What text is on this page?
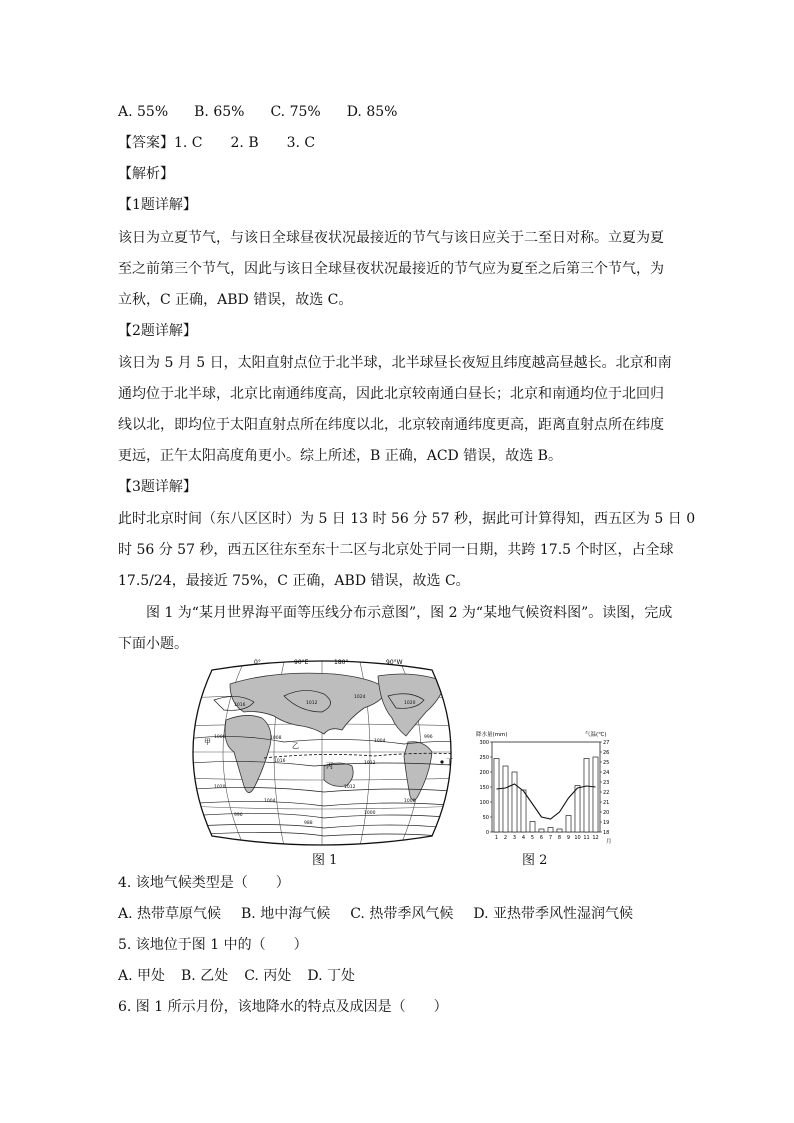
A. 55% B. 65% C. 75% D. 85%
【答案】1. C　　2. B　　3. C
【解析】
【1题详解】
该日为立夏节气，与该日全球昼夜状况最接近的节气与该日应关于二至日对称。立夏为夏
至之前第三个节气，因此与该日全球昼夜状况最接近的节气应为夏至之后第三个节气，为
立秋，C 正确，ABD 错误，故选 C。
【2题详解】
该日为 5 月 5 日，太阳直射点位于北半球，北半球昼长夜短且纬度越高昼越长。北京和南
通均位于北半球，北京比南通纬度高，因此北京较南通白昼长；北京和南通均位于北回归
线以北，即均位于太阳直射点所在纬度以北，北京较南通纬度更高，距离直射点所在纬度
更远，正午太阳高度角更小。综上所述，B 正确，ACD 错误，故选 B。
【3题详解】
此时北京时间（东八区区时）为 5 日 13 时 56 分 57 秒，据此可计算得知，西五区为 5 日 0
时 56 分 57 秒，西五区往东至东十二区与北京处于同一日期，共跨 17.5 个时区，占全球
17.5/24，最接近 75%，C 正确，ABD 错误，故选 C。
图 1 为“某月世界海平面等压线分布示意图”，图 2 为“某地气候资料图”。读图，完成
下面小题。
0°	90°E	180°	90°W
甲	乙
丙	丁
1008
1012
1016	1020
1024
1004
1000	996
1012
1016
1020	1012
1008
1004
1000
996
988
图 1
降水量(mm)	气温(℃)
月
300
250
200
150
100
50
0
27
26
25
24
23
22
21
20
19
18
1 2 3 4 5 6 7 8 9 10 11 12
图 2
4. 该地气候类型是（　　）
A. 热带草原气候 B. 地中海气候 C. 热带季风气候 D. 亚热带季风性湿润气候
5. 该地位于图 1 中的（　　）
A. 甲处 B. 乙处 C. 丙处 D. 丁处
6. 图 1 所示月份，该地降水的特点及成因是（　　）
